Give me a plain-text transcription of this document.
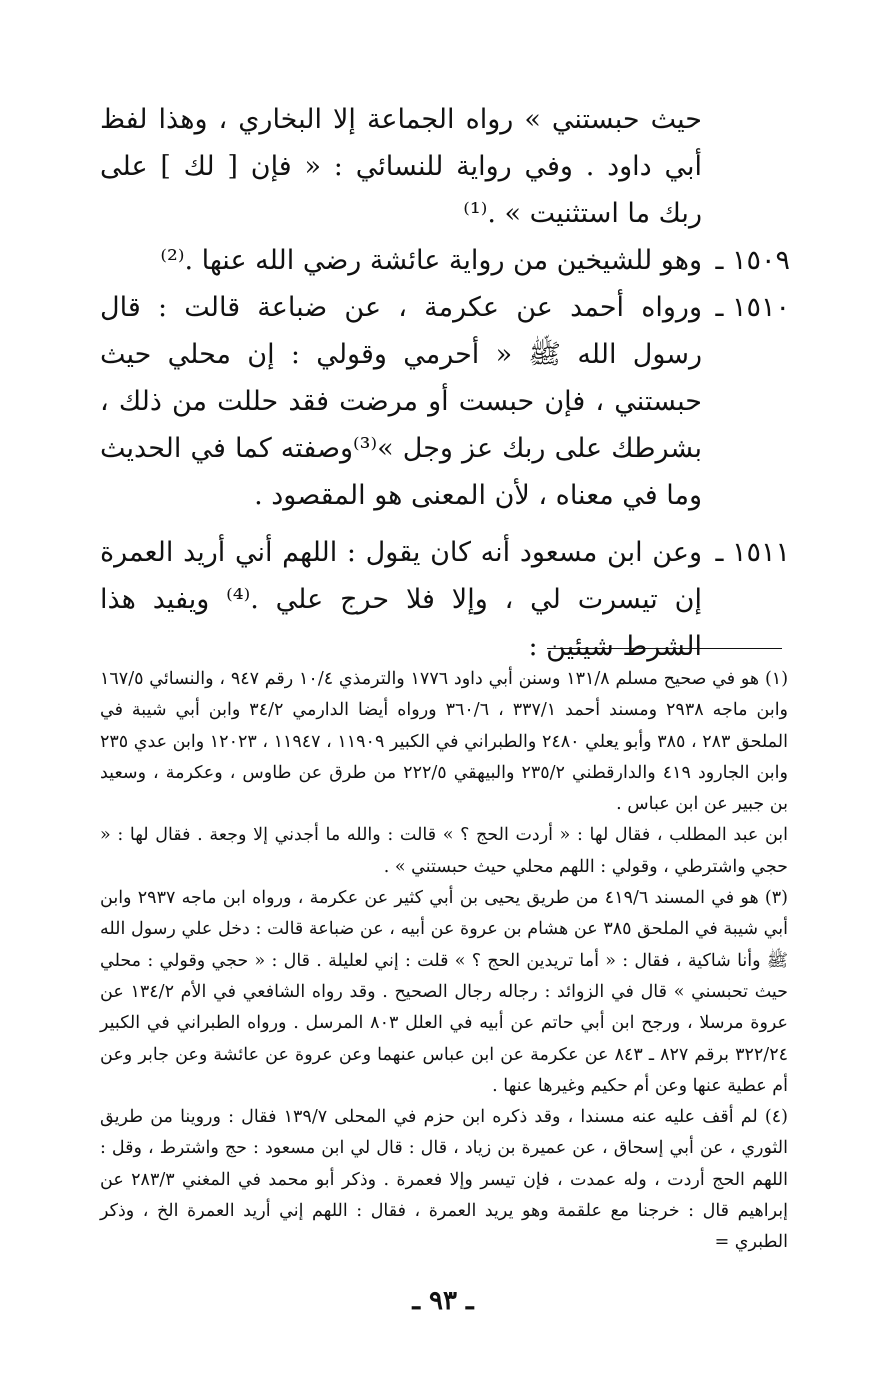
حيث حبستني » رواه الجماعة إلا البخاري ، وهذا لفظ أبي داود . وفي رواية للنسائي : « فإن [ لك ] على ربك ما استثنيت » .⁽¹⁾

١٥٠٩ ـ
وهو للشيخين من رواية عائشة رضي الله عنها .⁽²⁾
١٥١٠ ـ
ورواه أحمد عن عكرمة ، عن ضباعة قالت : قال رسول الله ﷺ « أحرمي وقولي : إن محلي حيث حبستني ، فإن حبست أو مرضت فقد حللت من ذلك ، بشرطك على ربك عز وجل »⁽³⁾وصفته كما في الحديث وما في معناه ، لأن المعنى هو المقصود .
١٥١١ ـ
وعن ابن مسعود أنه كان يقول : اللهم أني أريد العمرة إن تيسرت لي ، وإلا فلا حرج علي .⁽⁴⁾ ويفيد هذا الشرط شيئين :

(١) هو في صحيح مسلم ١٣١/٨ وسنن أبي داود ١٧٧٦ والترمذي ١٠/٤ رقم ٩٤٧ ، والنسائي ١٦٧/٥ وابن ماجه ٢٩٣٨ ومسند أحمد ٣٣٧/١ ، ٣٦٠/٦ ورواه أيضا الدارمي ٣٤/٢ وابن أبي شيبة في الملحق ٢٨٣ ، ٣٨٥ وأبو يعلي ٢٤٨٠ والطبراني في الكبير ١١٩٠٩ ، ١١٩٤٧ ، ١٢٠٢٣ وابن عدي ٢٣٥ وابن الجارود ٤١٩ والدارقطني ٢٣٥/٢ والبيهقي ٢٢٢/٥ من طرق عن طاوس ، وعكرمة ، وسعيد بن جبير عن ابن عباس .

ابن عبد المطلب ، فقال لها : « أردت الحج ؟ » قالت : والله ما أجدني إلا وجعة . فقال لها : « حجي واشترطي ، وقولي : اللهم محلي حيث حبستني » .

(٣) هو في المسند ٤١٩/٦ من طريق يحيى بن أبي كثير عن عكرمة ، ورواه ابن ماجه ٢٩٣٧ وابن أبي شيبة في الملحق ٣٨٥ عن هشام بن عروة عن أبيه ، عن ضباعة قالت : دخل علي رسول الله ﷺ وأنا شاكية ، فقال : « أما تريدين الحج ؟ » قلت : إني لعليلة . قال : « حجي وقولي : محلي حيث تحبسني » قال في الزوائد : رجاله رجال الصحيح . وقد رواه الشافعي في الأم ١٣٤/٢ عن عروة مرسلا ، ورجح ابن أبي حاتم عن أبيه في العلل ٨٠٣ المرسل . ورواه الطبراني في الكبير ٣٢٢/٢٤ برقم ٨٢٧ ـ ٨٤٣ عن عكرمة عن ابن عباس عنهما وعن عروة عن عائشة وعن جابر وعن أم عطية عنها وعن أم حكيم وغيرها عنها .

(٤) لم أقف عليه عنه مسندا ، وقد ذكره ابن حزم في المحلى ١٣٩/٧ فقال : وروينا من طريق الثوري ، عن أبي إسحاق ، عن عميرة بن زياد ، قال : قال لي ابن مسعود : حج واشترط ، وقل : اللهم الحج أردت ، وله عمدت ، فإن تيسر وإلا فعمرة . وذكر أبو محمد في المغني ٢٨٣/٣ عن إبراهيم قال : خرجنا مع علقمة وهو يريد العمرة ، فقال : اللهم إني أريد العمرة الخ ، وذكر الطبري =

ـ ٩٣ ـ
